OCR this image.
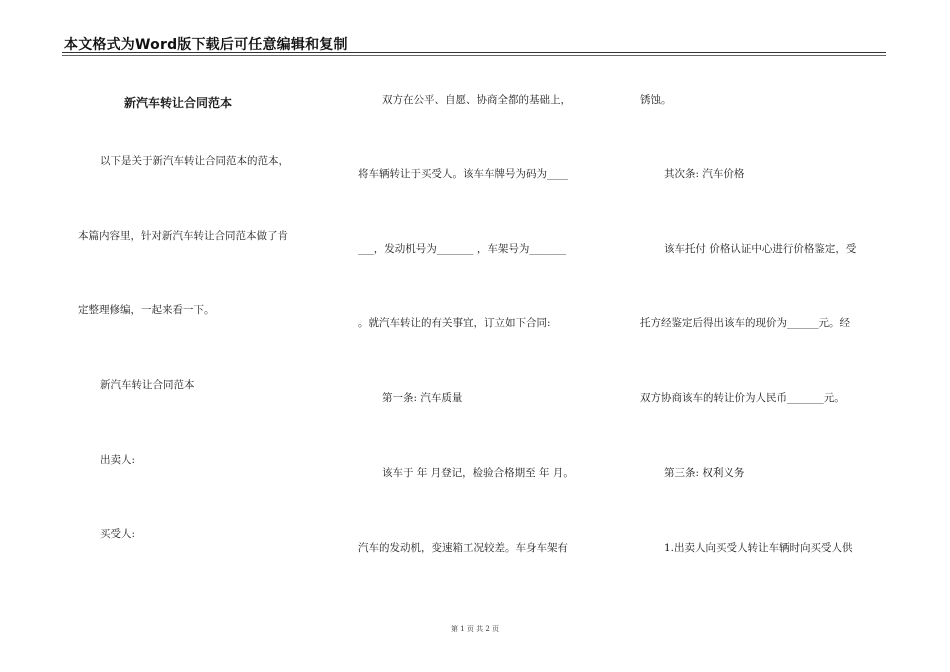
本文格式为Word版下载后可任意编辑和复制
新汽车转让合同范本
以下是关于新汽车转让合同范本的范本，
本篇内容里，针对新汽车转让合同范本做了肯
定整理修编，一起来看一下。
新汽车转让合同范本
出卖人:
买受人:
双方在公平、自愿、协商全都的基础上，
将车辆转让于买受人。该车车牌号为码为____
___，发动机号为_______ ，车架号为_______
。就汽车转让的有关事宜，订立如下合同:
第一条: 汽车质量
该车于 年 月登记，检验合格期至 年 月。
汽车的发动机，变速箱工况较差。车身车架有
锈蚀。
其次条: 汽车价格
该车托付 价格认证中心进行价格鉴定，受
托方经鉴定后得出该车的现价为______元。经
双方协商该车的转让价为人民币_______元。
第三条: 权利义务
1.出卖人向买受人转让车辆时向买受人供
第 1 页 共 2 页
